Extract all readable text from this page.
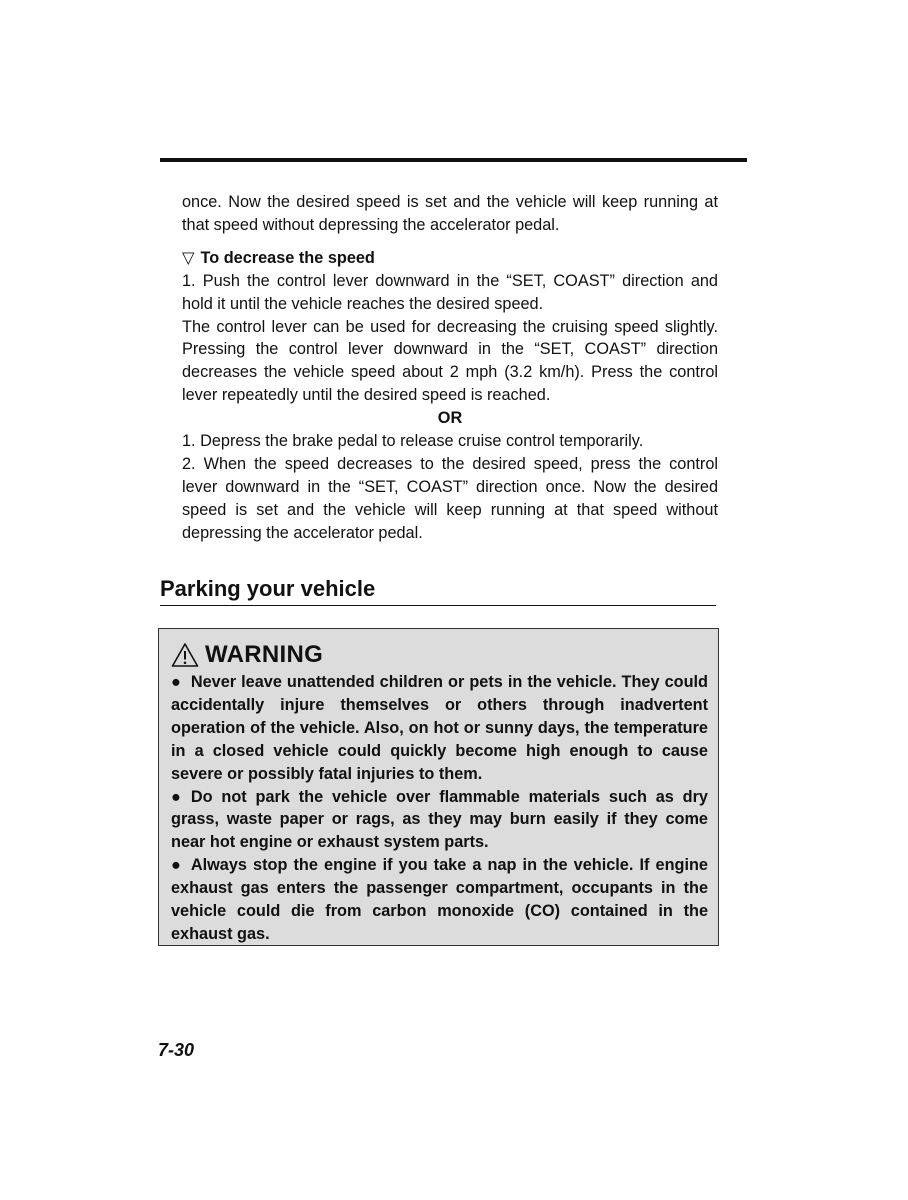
once. Now the desired speed is set and the vehicle will keep running at that speed without depressing the accelerator pedal.

▽ To decrease the speed

1. Push the control lever downward in the “SET, COAST” direction and hold it until the vehicle reaches the desired speed.

The control lever can be used for decreasing the cruising speed slightly. Pressing the control lever downward in the “SET, COAST” direction decreases the vehicle speed about 2 mph (3.2 km/h). Press the control lever repeatedly until the desired speed is reached.

OR

1. Depress the brake pedal to release cruise control temporarily.

2. When the speed decreases to the desired speed, press the control lever downward in the “SET, COAST” direction once. Now the desired speed is set and the vehicle will keep running at that speed without depressing the accelerator pedal.

Parking your vehicle
WARNING

● Never leave unattended children or pets in the vehicle. They could accidentally injure themselves or others through inadvertent operation of the vehicle. Also, on hot or sunny days, the temperature in a closed vehicle could quickly become high enough to cause severe or possibly fatal injuries to them.

● Do not park the vehicle over flammable materials such as dry grass, waste paper or rags, as they may burn easily if they come near hot engine or exhaust system parts.

● Always stop the engine if you take a nap in the vehicle. If engine exhaust gas enters the passenger compartment, occupants in the vehicle could die from carbon monoxide (CO) contained in the exhaust gas.

7-30
